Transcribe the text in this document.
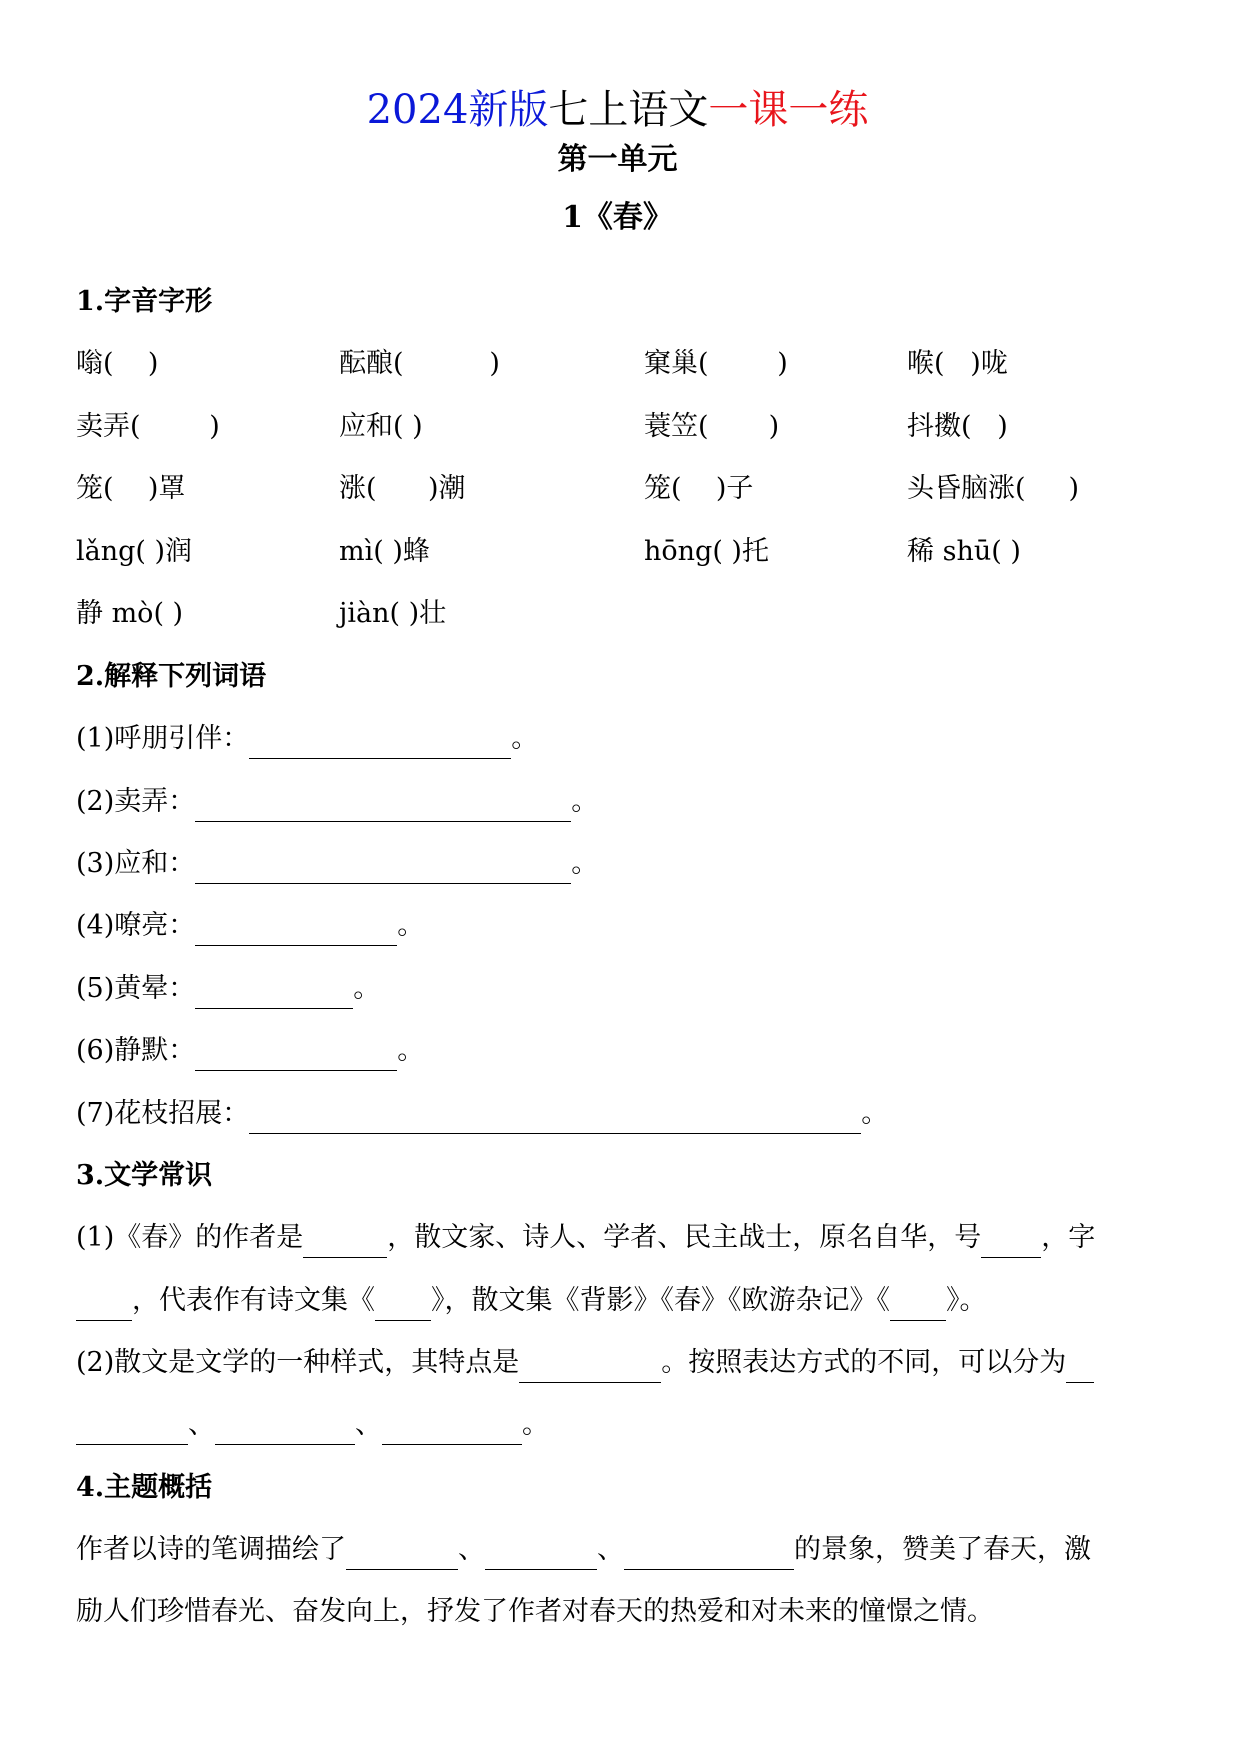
2024新版七上语文一课一练
第一单元
1《春》
1.字音字形
嗡(    )	酝酿(          )	窠巢(        )	喉(   )咙
卖弄(        )	应和( )	蓑笠(       )	抖擞(   )
笼(    )罩	涨(      )潮	笼(    )子	头昏脑涨(     )
lǎng( )润	mì( )蜂	hōng( )托	稀 shū( )
静 mò( )	jiàn( )壮
2.解释下列词语
(1)呼朋引伴：	。
(2)卖弄：	。
(3)应和：	。
(4)嘹亮：	。
(5)黄晕：	。
(6)静默：	。
(7)花枝招展：	。
3.文学常识
(1)《春》的作者是	，散文家、诗人、学者、民主战士，原名自华，号 ，字
，代表作有诗文集《 》，散文集《背影》《春》《欧游杂记》《 》。
(2)散文是文学的一种样式，其特点是	。按照表达方式的不同，可以分为
、	、	。
4.主题概括
作者以诗的笔调描绘了	、	、	的景象，赞美了春天，激
励人们珍惜春光、奋发向上，抒发了作者对春天的热爱和对未来的憧憬之情。
